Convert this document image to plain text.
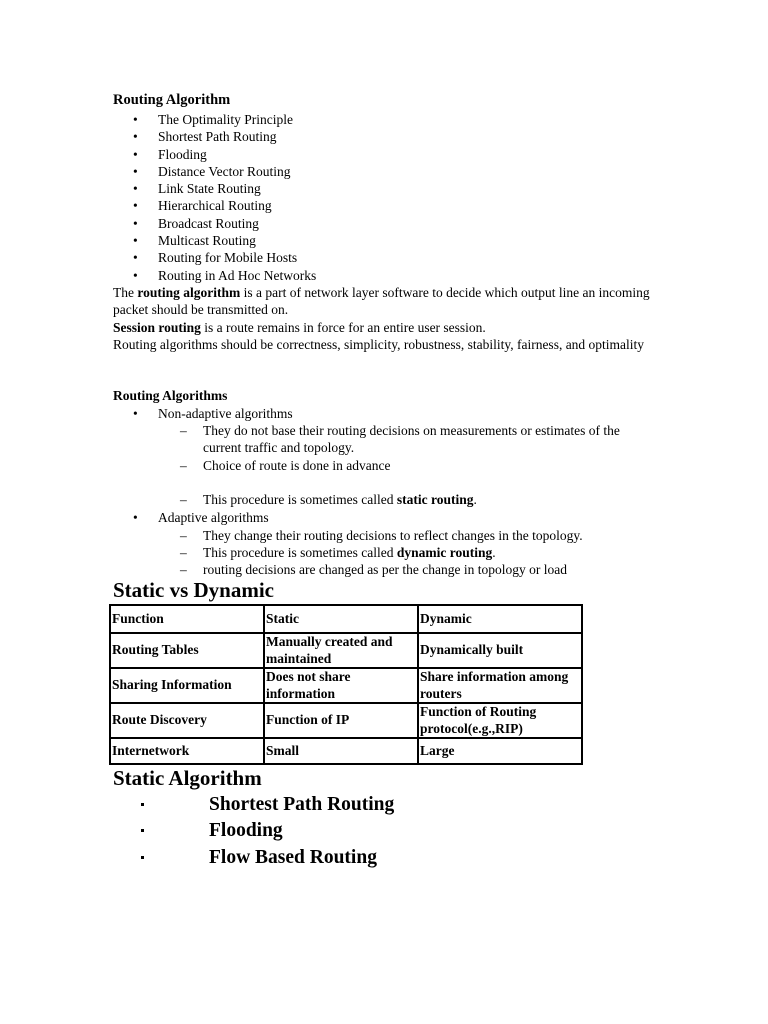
Routing Algorithm
• The Optimality Principle
• Shortest Path Routing
• Flooding
• Distance Vector Routing
• Link State Routing
• Hierarchical Routing
• Broadcast Routing
• Multicast Routing
• Routing for Mobile Hosts
• Routing in Ad Hoc Networks
The routing algorithm is a part of network layer software to decide which output line an incoming packet should be transmitted on.
Session routing is a route remains in force for an entire user session.
Routing algorithms should be correctness, simplicity, robustness, stability, fairness, and optimality
Routing Algorithms
• Non-adaptive algorithms
–	They do not base their routing decisions on measurements or estimates of the current traffic and topology.
–	Choice of route is done in advance
–	This procedure is sometimes called static routing.
• Adaptive algorithms
–	They change their routing decisions to reflect changes in the topology.
–	This procedure is sometimes called dynamic routing.
–	routing decisions are changed as per the change in topology or load
Static vs Dynamic
Function	Static	Dynamic
Routing Tables	Manually created and maintained	Dynamically built
Sharing Information	Does not share information	Share information among routers
Route Discovery	Function of IP	Function of Routing protocol(e.g.,RIP)
Internetwork	Small	Large
Static Algorithm
Shortest Path Routing
Flooding
Flow Based Routing
